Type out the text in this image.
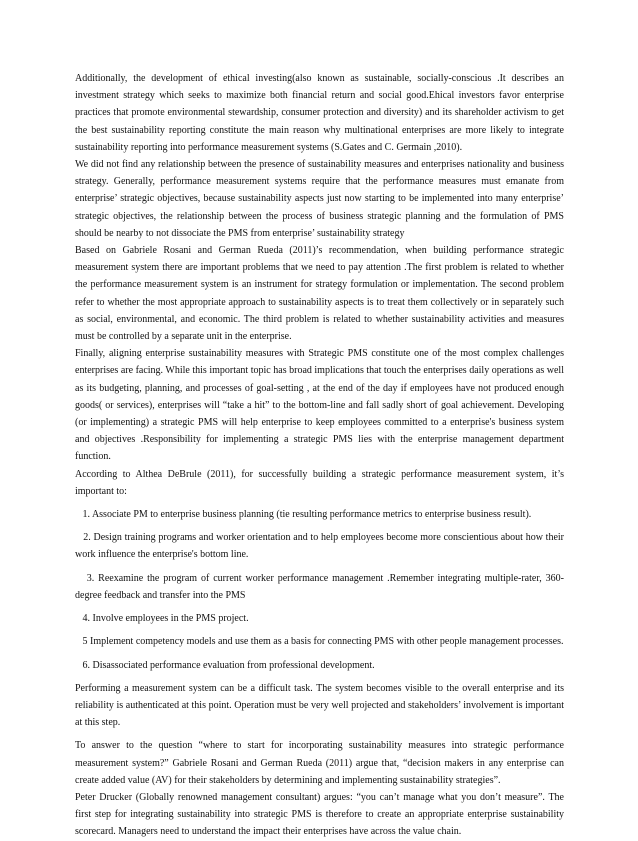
Additionally, the development of ethical investing(also known as sustainable, socially-conscious .It describes an investment strategy which seeks to maximize both financial return and social good.Ehical investors favor enterprise practices that promote environmental stewardship, consumer protection and diversity) and its shareholder activism to get the best sustainability reporting constitute the main reason why multinational enterprises are more likely to integrate sustainability reporting into performance measurement systems (S.Gates and C. Germain ,2010).

We did not find any relationship between the presence of sustainability measures and enterprises nationality and business strategy. Generally, performance measurement systems require that the performance measures must emanate from enterprise’ strategic objectives, because sustainability aspects just now starting to be implemented into many enterprise’ strategic objectives, the relationship between the process of business strategic planning and the formulation of PMS should be nearby to not dissociate the PMS from enterprise’ sustainability strategy

Based on Gabriele Rosani and German Rueda (2011)’s recommendation, when building performance strategic measurement system there are important problems that we need to pay attention .The first problem is related to whether the performance measurement system is an instrument for strategy formulation or implementation. The second problem refer to whether the most appropriate approach to sustainability aspects is to treat them collectively or in separately such as social, environmental, and economic. The third problem is related to whether sustainability activities and measures must be controlled by a separate unit in the enterprise.

Finally, aligning enterprise sustainability measures with Strategic PMS constitute one of the most complex challenges enterprises are facing. While this important topic has broad implications that touch the enterprises daily operations as well as its budgeting, planning, and processes of goal-setting , at the end of the day if employees have not produced enough goods( or services), enterprises will “take a hit” to the bottom-line and fall sadly short of goal achievement. Developing (or implementing) a strategic PMS will help enterprise to keep employees committed to a enterprise's business system and objectives .Responsibility for implementing a strategic PMS lies with the enterprise management department function.

According to Althea DeBrule (2011), for successfully building a strategic performance measurement system, it’s important to:

1. Associate PM to enterprise business planning (tie resulting performance metrics to enterprise business result).

2. Design training programs and worker orientation and to help employees become more conscientious about how their work influence the enterprise's bottom line.

3. Reexamine the program of current worker performance management .Remember integrating multiple-rater, 360-degree feedback and transfer into the PMS

4. Involve employees in the PMS project.

5 Implement competency models and use them as a basis for connecting PMS with other people management processes.

6. Disassociated performance evaluation from professional development.

Performing a measurement system can be a difficult task. The system becomes visible to the overall enterprise and its reliability is authenticated at this point. Operation must be very well projected and stakeholders’ involvement is important at this step.

To answer to the question “where to start for incorporating sustainability measures into strategic performance measurement system?” Gabriele Rosani and German Rueda (2011) argue that, “decision makers in any enterprise can create added value (AV) for their stakeholders by determining and implementing sustainability strategies”.

Peter Drucker (Globally renowned management consultant) argues: “you can’t manage what you don’t measure”. The first step for integrating sustainability into strategic PMS is therefore to create an appropriate enterprise sustainability scorecard. Managers need to understand the impact their enterprises have across the value chain.
